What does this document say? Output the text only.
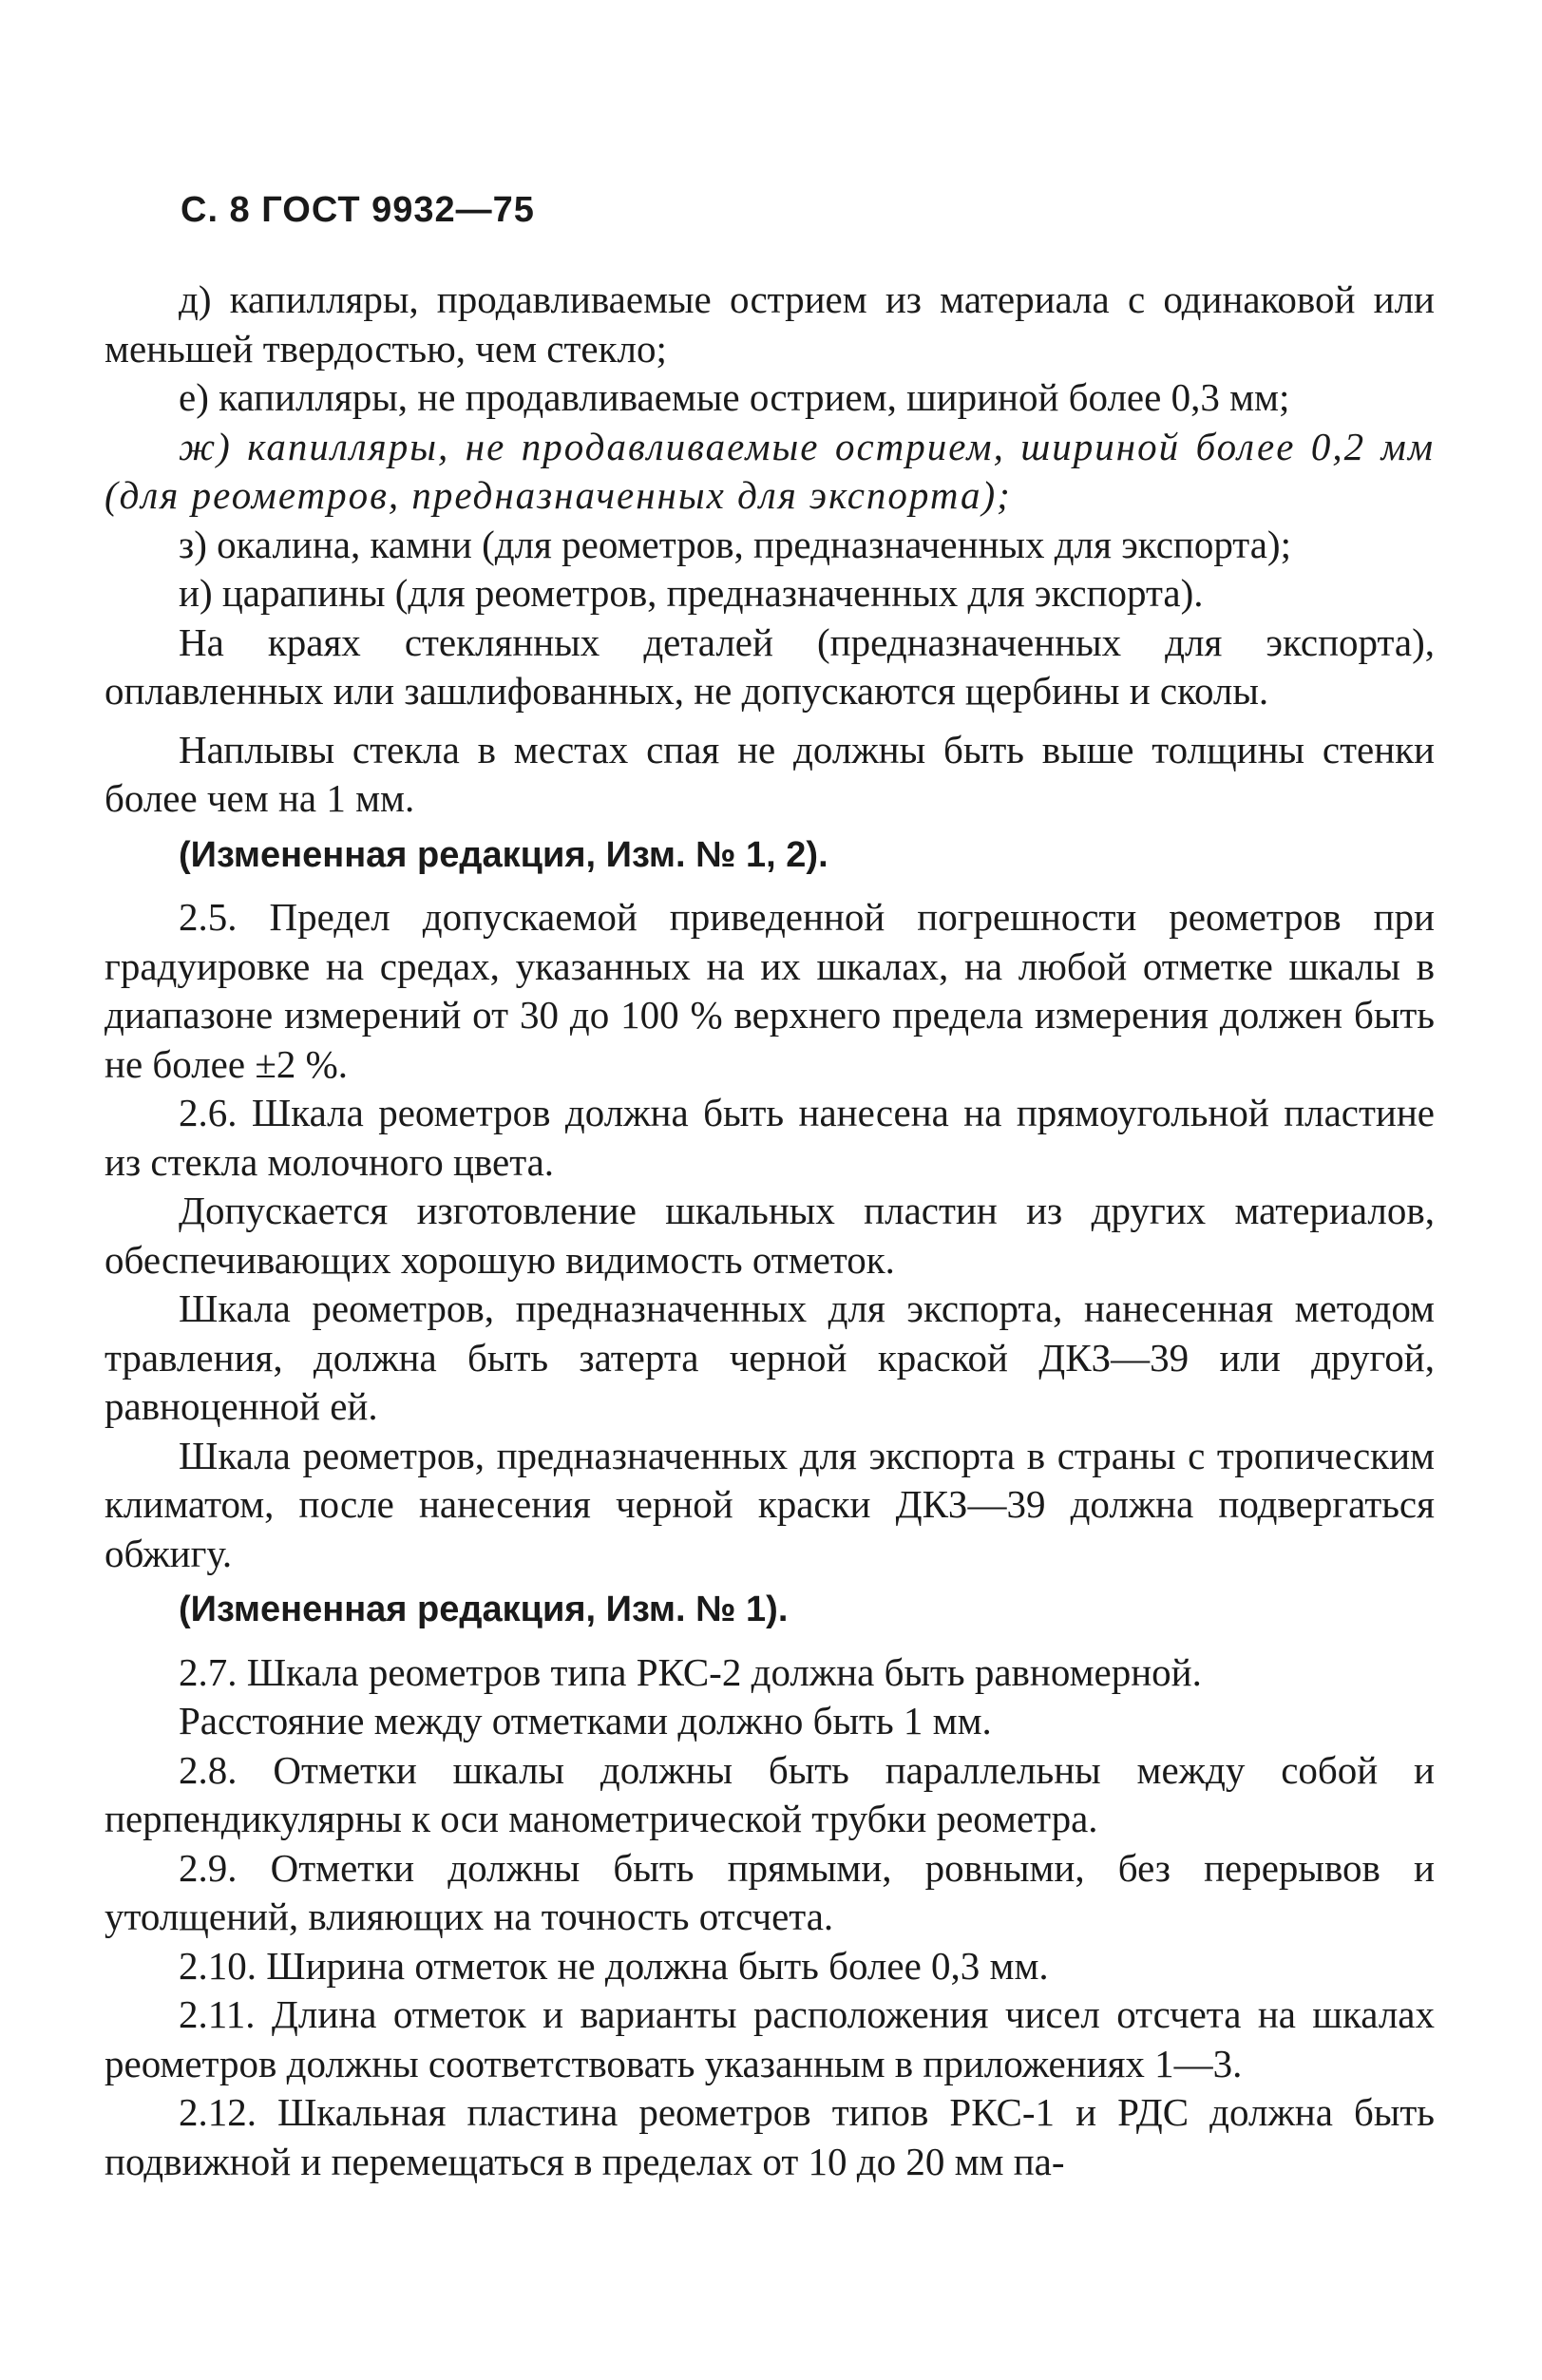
С. 8 ГОСТ 9932—75

д) капилляры, продавливаемые острием из материала с одинаковой или меньшей твердостью, чем стекло;

е) капилляры, не продавливаемые острием, шириной более 0,3 мм;

ж) капилляры, не продавливаемые острием, шириной более 0,2 мм (для реометров, предназначенных для экспорта);

з) окалина, камни (для реометров, предназначенных для экспорта);

и) царапины (для реометров, предназначенных для экспорта).

На краях стеклянных деталей (предназначенных для экспорта), оплавленных или зашлифованных, не допускаются щербины и сколы.

Наплывы стекла в местах спая не должны быть выше толщины стенки более чем на 1 мм.

(Измененная редакция, Изм. № 1, 2).

2.5. Предел допускаемой приведенной погрешности реометров при градуировке на средах, указанных на их шкалах, на любой отметке шкалы в диапазоне измерений от 30 до 100 % верхнего предела измерения должен быть не более ±2 %.

2.6. Шкала реометров должна быть нанесена на прямоугольной пластине из стекла молочного цвета.

Допускается изготовление шкальных пластин из других материалов, обеспечивающих хорошую видимость отметок.

Шкала реометров, предназначенных для экспорта, нанесенная методом травления, должна быть затерта черной краской ДКЗ—39 или другой, равноценной ей.

Шкала реометров, предназначенных для экспорта в страны с тропическим климатом, после нанесения черной краски ДКЗ—39 должна подвергаться обжигу.

(Измененная редакция, Изм. № 1).

2.7. Шкала реометров типа РКС-2 должна быть равномерной.

Расстояние между отметками должно быть 1 мм.

2.8. Отметки шкалы должны быть параллельны между собой и перпендикулярны к оси манометрической трубки реометра.

2.9. Отметки должны быть прямыми, ровными, без перерывов и утолщений, влияющих на точность отсчета.

2.10. Ширина отметок не должна быть более 0,3 мм.

2.11. Длина отметок и варианты расположения чисел отсчета на шкалах реометров должны соответствовать указанным в приложениях 1—3.

2.12. Шкальная пластина реометров типов РКС-1 и РДС должна быть подвижной и перемещаться в пределах от 10 до 20 мм па-
